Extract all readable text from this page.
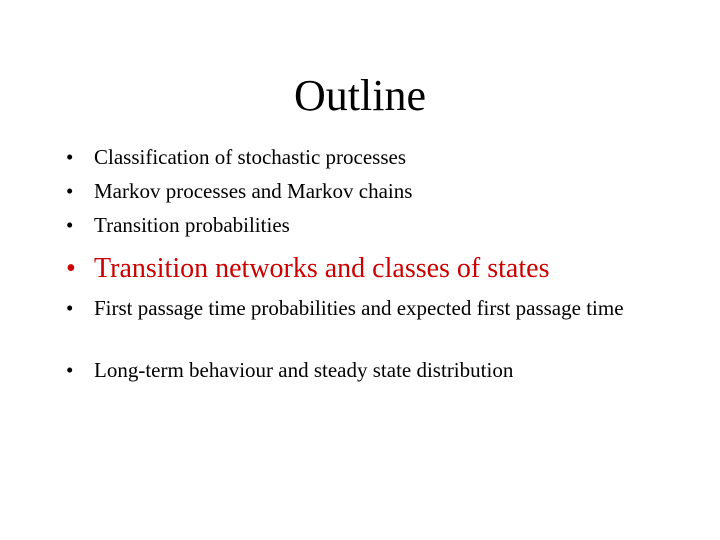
Outline
• Classification of stochastic processes
• Markov processes and Markov chains
• Transition probabilities
• Transition networks and classes of states
• First passage time probabilities and expected first passage time
• Long-term behaviour and steady state distribution
